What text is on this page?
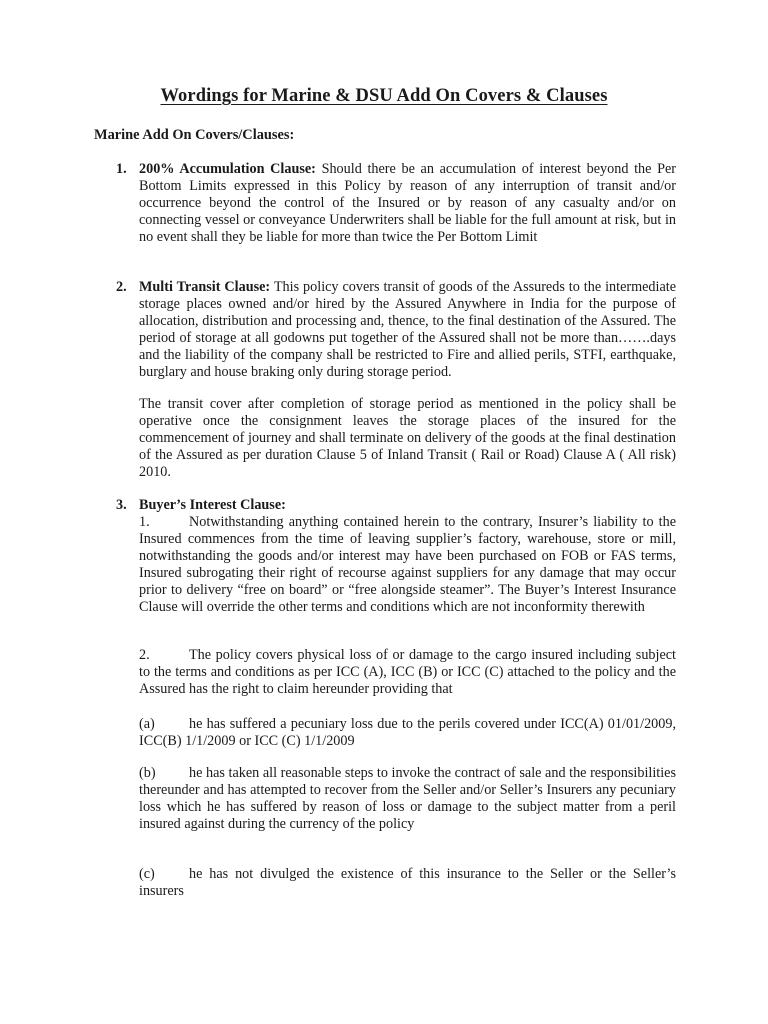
Wordings for Marine & DSU Add On Covers & Clauses
Marine Add On Covers/Clauses:
1. 200% Accumulation Clause: Should there be an accumulation of interest beyond the Per Bottom Limits expressed in this Policy by reason of any interruption of transit and/or occurrence beyond the control of the Insured or by reason of any casualty and/or on connecting vessel or conveyance Underwriters shall be liable for the full amount at risk, but in no event shall they be liable for more than twice the Per Bottom Limit

2. Multi Transit Clause: This policy covers transit of goods of the Assureds to the intermediate storage places owned and/or hired by the Assured Anywhere in India for the purpose of allocation, distribution and processing and, thence, to the final destination of the Assured. The period of storage at all godowns put together of the Assured shall not be more than…….days and the liability of the company shall be restricted to Fire and allied perils, STFI, earthquake, burglary and house braking only during storage period.

The transit cover after completion of storage period as mentioned in the policy shall be operative once the consignment leaves the storage places of the insured for the commencement of journey and shall terminate on delivery of the goods at the final destination of the Assured as per duration Clause 5 of Inland Transit ( Rail or Road) Clause A ( All risk) 2010.

3. Buyer’s Interest Clause:

1.	Notwithstanding anything contained herein to the contrary, Insurer’s liability to the Insured commences from the time of leaving supplier’s factory, warehouse, store or mill, notwithstanding the goods and/or interest may have been purchased on FOB or FAS terms, Insured subrogating their right of recourse against suppliers for any damage that may occur prior to delivery “free on board” or “free alongside steamer”. The Buyer’s Interest Insurance Clause will override the other terms and conditions which are not inconformity therewith

2.	The policy covers physical loss of or damage to the cargo insured including subject to the terms and conditions as per ICC (A), ICC (B) or ICC (C) attached to the policy and the Assured has the right to claim hereunder providing that

(a) he has suffered a pecuniary loss due to the perils covered under ICC(A) 01/01/2009, ICC(B) 1/1/2009 or ICC (C) 1/1/2009

(b) he has taken all reasonable steps to invoke the contract of sale and the responsibilities thereunder and has attempted to recover from the Seller and/or Seller’s Insurers any pecuniary loss which he has suffered by reason of loss or damage to the subject matter from a peril insured against during the currency of the policy

(c) he has not divulged the existence of this insurance to the Seller or the Seller’s insurers
